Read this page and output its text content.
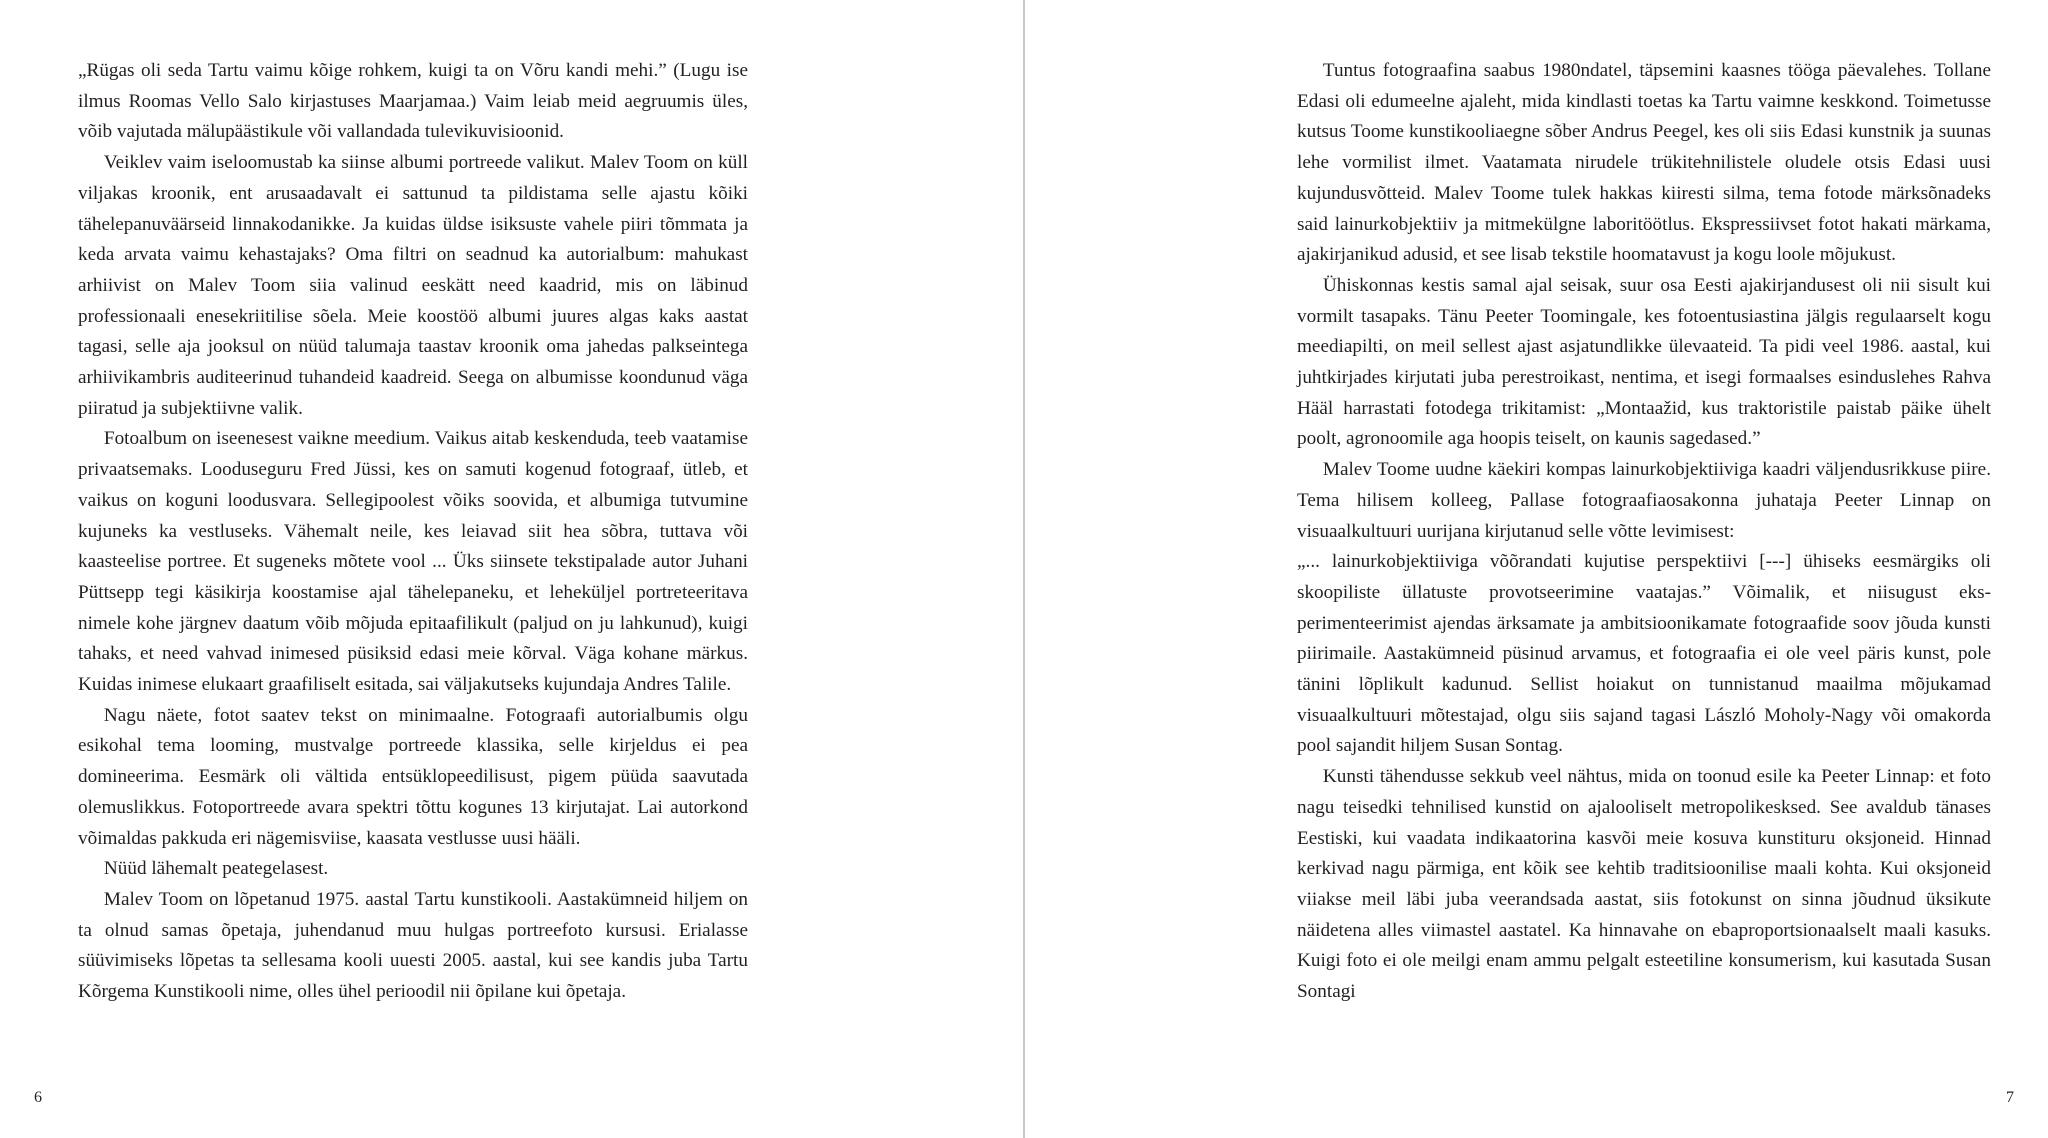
„Rügas oli seda Tartu vaimu kõige rohkem, kuigi ta on Võru kandi mehi.” (Lugu ise ilmus Roomas Vello Salo kirjastuses Maarjamaa.) Vaim leiab meid aegruumis üles, võib vajutada mälupäästikule või vallandada tulevikuvisioonid.

Veiklev vaim iseloomustab ka siinse albumi portreede valikut. Malev Toom on küll viljakas kroonik, ent arusaadavalt ei sattunud ta pildistama selle ajastu kõiki tähelepanuväärseid linnakodanikke. Ja kuidas üldse isiksuste vahele piiri tõmmata ja keda arvata vaimu kehastajaks? Oma filtri on seadnud ka autorialbum: mahukast arhiivist on Malev Toom siia valinud eeskätt need kaadrid, mis on läbinud professionaali enesekriitilise sõela. Meie koostöö albumi juures algas kaks aastat tagasi, selle aja jooksul on nüüd talumaja taastav kroonik oma jahedas palkseintega arhiivikambris auditeerinud tuhandeid kaadreid. Seega on albumisse koondunud väga piiratud ja subjektiivne valik.

Fotoalbum on iseenesest vaikne meedium. Vaikus aitab keskenduda, teeb vaatamise privaatsemaks. Looduseguru Fred Jüssi, kes on samuti kogenud fotograaf, ütleb, et vaikus on koguni loodusvara. Sellegipoolest võiks soovida, et albumiga tutvumine kujuneks ka vestluseks. Vähemalt neile, kes leiavad siit hea sõbra, tuttava või kaasteelise portree. Et sugeneks mõtete vool ... Üks siinsete tekstipalade autor Juhani Püttsepp tegi käsikirja koostamise ajal tähelepaneku, et leheküljel portreteeritava nimele kohe järgnev daatum võib mõjuda epitaafilikult (paljud on ju lahkunud), kuigi tahaks, et need vahvad inimesed püsiksid edasi meie kõrval. Väga kohane märkus. Kuidas inimese elukaart graafiliselt esitada, sai väljakutseks kujundaja Andres Talile.

Nagu näete, fotot saatev tekst on minimaalne. Fotograafi autorialbumis olgu esikohal tema looming, mustvalge portreede klassika, selle kirjeldus ei pea domineerima. Eesmärk oli vältida entsüklopeedilisust, pigem püüda saavutada olemuslikkus. Fotoportreede avara spektri tõttu kogunes 13 kirjutajat. Lai autorkond võimaldas pakkuda eri nägemisviise, kaasata vestlusse uusi hääli.

Nüüd lähemalt peategelasest.

Malev Toom on lõpetanud 1975. aastal Tartu kunstikooli. Aastakümneid hiljem on ta olnud samas õpetaja, juhendanud muu hulgas portreefoto kursusi. Erialasse süüvimiseks lõpetas ta sellesama kooli uuesti 2005. aastal, kui see kandis juba Tartu Kõrgema Kunstikooli nime, olles ühel perioodil nii õpilane kui õpetaja.

6

Tuntus fotograafina saabus 1980ndatel, täpsemini kaasnes tööga päevalehes. Tollane Edasi oli edumeelne ajaleht, mida kindlasti toetas ka Tartu vaimne keskkond. Toimetusse kutsus Toome kunstikooliaegne sõber Andrus Peegel, kes oli siis Edasi kunstnik ja suunas lehe vormilist ilmet. Vaatamata nirudele trükitehnilistele oludele otsis Edasi uusi kujundusvõtteid. Malev Toome tulek hakkas kiiresti silma, tema fotode märksõnadeks said lainurkobjektiiv ja mitmekülgne laboritöötlus. Ekspressiivset fotot hakati märkama, ajakirjanikud adusid, et see lisab tekstile hoomatavust ja kogu loole mõjukust.

Ühiskonnas kestis samal ajal seisak, suur osa Eesti ajakirjandusest oli nii sisult kui vormilt tasapaks. Tänu Peeter Toomingale, kes fotoentusiastina jälgis regulaarselt kogu meediapilti, on meil sellest ajast asjatundlikke ülevaateid. Ta pidi veel 1986. aastal, kui juhtkirjades kirjutati juba perestroikast, nentima, et isegi formaalses esinduslehes Rahva Hääl harrastati fotodega trikitamist: „Montaažid, kus traktoristile paistab päike ühelt poolt, agronoomile aga hoopis teiselt, on kaunis sagedased.”

Malev Toome uudne käekiri kompas lainurkobjektiiviga kaadri väljendusrikkuse piire. Tema hilisem kolleeg, Pallase fotograafiaosakonna juhataja Peeter Linnap on visuaalkultuuri uurijana kirjutanud selle võtte levimisest:

„... lainurkobjektiiviga võõrandati kujutise perspektiivi [---] ühiseks eesmärgiks oli skoopiliste üllatuste provotseerimine vaatajas.” Võimalik, et niisugust eksperimenteerimist ajendas ärksamate ja ambitsioonikamate fotograafide soov jõuda kunsti piirimaile. Aastakümneid püsinud arvamus, et fotograafia ei ole veel päris kunst, pole tänini lõplikult kadunud. Sellist hoiakut on tunnistanud maailma mõjukamad visuaalkultuuri mõtestajad, olgu siis sajand tagasi László Moholy-Nagy või omakorda pool sajandit hiljem Susan Sontag.

Kunsti tähendusse sekkub veel nähtus, mida on toonud esile ka Peeter Linnap: et foto nagu teisedki tehnilised kunstid on ajalooliselt metropolikesksed. See avaldub tänases Eestiski, kui vaadata indikaatorina kasvõi meie kosuva kunstituru oksjoneid. Hinnad kerkivad nagu pärmiga, ent kõik see kehtib traditsioonilise maali kohta. Kui oksjoneid viiakse meil läbi juba veerandsada aastat, siis fotokunst on sinna jõudnud üksikute näidetena alles viimastel aastatel. Ka hinnavahe on ebaproportsionaalselt maali kasuks. Kuigi foto ei ole meilgi enam ammu pelgalt esteetiline konsumerism, kui kasutada Susan Sontagi

7
